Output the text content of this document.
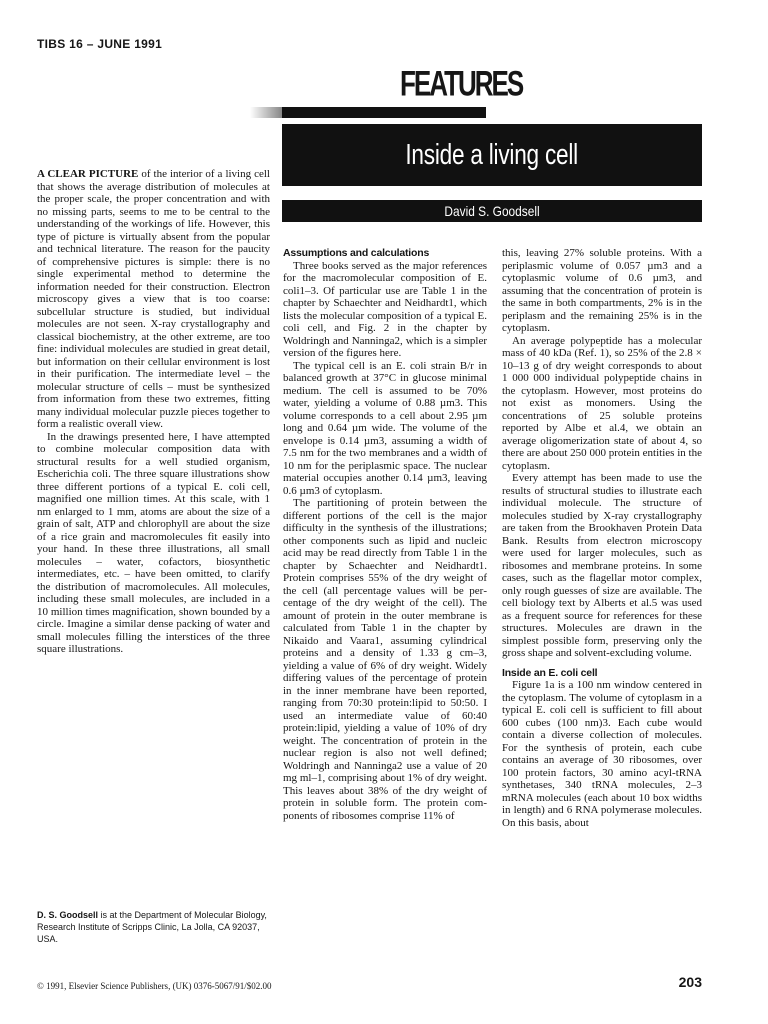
TIBS 16 – JUNE 1991
FEATURES
Inside a living cell
David S. Goodsell

A CLEAR PICTURE of the interior of a living cell that shows the average distribution of molecules at the proper scale, the proper concentration and with no missing parts, seems to me to be central to the understanding of the workings of life. However, this type of picture is virtually absent from the popular and technical literature. The reason for the paucity of comprehensive pictures is simple: there is no single experimental method to determine the information needed for their construction. Electron microscopy gives a view that is too coarse: subcellular structure is studied, but individual molecules are not seen. X-ray crystallography and classical biochemistry, at the other extreme, are too fine: individual molecules are studied in great detail, but information on their cellular environment is lost in their purification. The intermediate level – the molecular structure of cells – must be synthesized from information from these two extremes, fitting many individual molecular puzzle pieces together to form a realistic overall view.

In the drawings presented here, I have attempted to combine molecular composition data with structural results for a well studied organism, Escherichia coli. The three square illustrations show three different portions of a typical E. coli cell, magnified one million times. At this scale, with 1 nm enlarged to 1 mm, atoms are about the size of a grain of salt, ATP and chlorophyll are about the size of a rice grain and macromolecules fit easily into your hand. In these three illustrations, all small molecules – water, cofactors, biosynthetic intermediates, etc. – have been omitted, to clarify the distribution of macromolecules. All molecules, including these small molecules, are included in a 10 million times magnification, shown bounded by a circle. Imagine a similar dense packing of water and small molecules filling the interstices of the three square illustrations.

D. S. Goodsell is at the Department of Molecular Biology, Research Institute of Scripps Clinic, La Jolla, CA 92037, USA.
Assumptions and calculations

Three books served as the major references for the macromolecular composition of E. coli1–3. Of particular use are Table 1 in the chapter by Schaechter and Neidhardt1, which lists the molecular composition of a typical E. coli cell, and Fig. 2 in the chapter by Woldringh and Nanninga2, which is a simpler version of the figures here.

The typical cell is an E. coli strain B/r in balanced growth at 37°C in glucose minimal medium. The cell is assumed to be 70% water, yielding a volume of 0.88 µm3. This volume corresponds to a cell about 2.95 µm long and 0.64 µm wide. The volume of the envelope is 0.14 µm3, assuming a width of 7.5 nm for the two membranes and a width of 10 nm for the periplasmic space. The nuclear material occupies another 0.14 µm3, leaving 0.6 µm3 of cytoplasm.

The partitioning of protein between the different portions of the cell is the major difficulty in the synthesis of the illustrations; other components such as lipid and nucleic acid may be read directly from Table 1 in the chapter by Schaechter and Neidhardt1. Protein comprises 55% of the dry weight of the cell (all percentage values will be percentage of the dry weight of the cell). The amount of protein in the outer membrane is calculated from Table 1 in the chapter by Nikaido and Vaara1, assuming cylindrical proteins and a density of 1.33 g cm–3, yielding a value of 6% of dry weight. Widely differing values of the percentage of protein in the inner membrane have been reported, ranging from 70:30 protein:lipid to 50:50. I used an intermediate value of 60:40 protein:lipid, yielding a value of 10% of dry weight. The concentration of protein in the nuclear region is also not well defined; Woldringh and Nanninga2 use a value of 20 mg ml–1, comprising about 1% of dry weight. This leaves about 38% of the dry weight of protein in soluble form. The protein components of ribosomes comprise 11% of

this, leaving 27% soluble proteins. With a periplasmic volume of 0.057 µm3 and a cytoplasmic volume of 0.6 µm3, and assuming that the concentration of protein is the same in both compartments, 2% is in the periplasm and the remaining 25% is in the cytoplasm.

An average polypeptide has a molecular mass of 40 kDa (Ref. 1), so 25% of the 2.8 × 10–13 g of dry weight corresponds to about 1 000 000 individual polypeptide chains in the cytoplasm. However, most proteins do not exist as monomers. Using the concentrations of 25 soluble proteins reported by Albe et al.4, we obtain an average oligomerization state of about 4, so there are about 250 000 protein entities in the cytoplasm.

Every attempt has been made to use the results of structural studies to illustrate each individual molecule. The structure of molecules studied by X-ray crystallography are taken from the Brookhaven Protein Data Bank. Results from electron microscopy were used for larger molecules, such as ribosomes and membrane proteins. In some cases, such as the flagellar motor complex, only rough guesses of size are available. The cell biology text by Alberts et al.5 was used as a frequent source for references for these structures. Molecules are drawn in the simplest possible form, preserving only the gross shape and solvent-excluding volume.

Inside an E. coli cell

Figure 1a is a 100 nm window centered in the cytoplasm. The volume of cytoplasm in a typical E. coli cell is sufficient to fill about 600 cubes (100 nm)3. Each cube would contain a diverse collection of molecules. For the synthesis of protein, each cube contains an average of 30 ribosomes, over 100 protein factors, 30 amino acyl-tRNA synthetases, 340 tRNA molecules, 2–3 mRNA molecules (each about 10 box widths in length) and 6 RNA polymerase molecules. On this basis, about

© 1991, Elsevier Science Publishers, (UK) 0376-5067/91/$02.00	203
